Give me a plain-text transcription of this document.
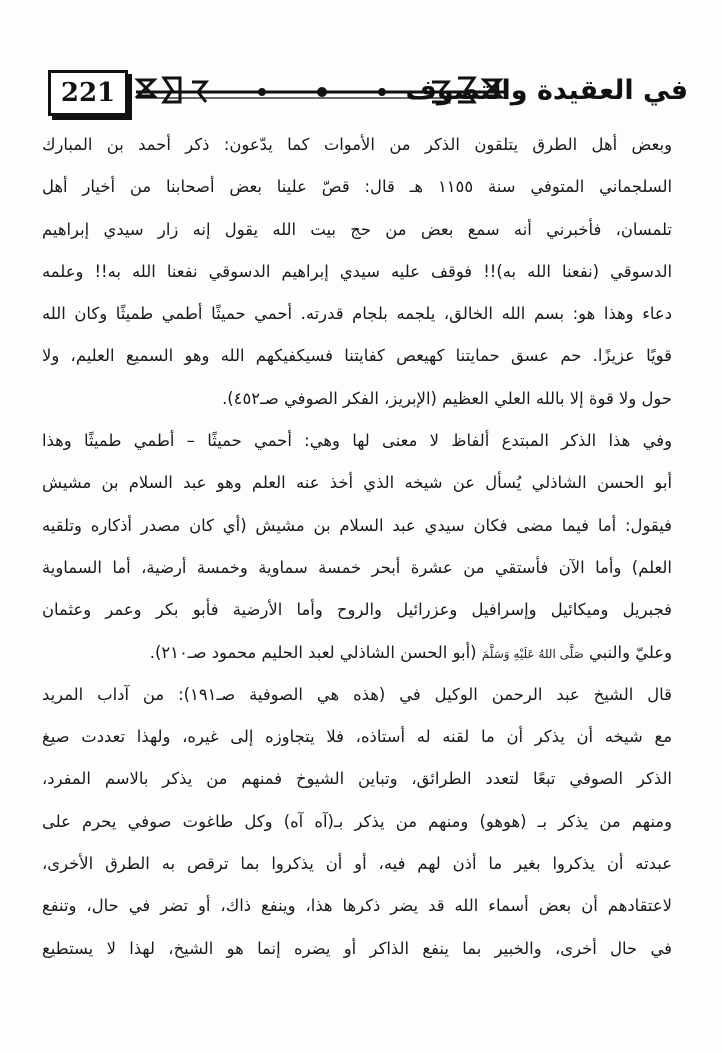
221	في العقيدة والتصوف
وبعض أهل الطرق يتلقون الذكر من الأموات كما يدّعون: ذكر أحمد بن المبارك
السلجماني المتوفي سنة ١١٥٥ هـ قال: قصّ علينا بعض أصحابنا من أخيار أهل
تلمسان، فأخبرني أنه سمع بعض من حج بيت الله يقول إنه زار سيدي إبراهيم
الدسوقي (نفعنا الله به)!! فوقف عليه سيدي إبراهيم الدسوقي نفعنا الله به!! وعلمه
دعاء وهذا هو: بسم الله الخالق، يلجمه بلجام قدرته. أحمي حميثًا أطمي طميثًا وكان الله
قويًا عزيزًا. حم عسق حمايتنا كهيعص كفايتنا فسيكفيكهم الله وهو السميع العليم، ولا
حول ولا قوة إلا بالله العلي العظيم (الإبريز، الفكر الصوفي صـ٤٥٢).
وفي هذا الذكر المبتدع ألفاظ لا معنى لها وهي: أحمي حميثًا – أطمي طميثًا وهذا
أبو الحسن الشاذلي يُسأل عن شيخه الذي أخذ عنه العلم وهو عبد السلام بن مشيش
فيقول: أما فيما مضى فكان سيدي عبد السلام بن مشيش (أي كان مصدر أذكاره وتلقيه
العلم) وأما الآن فأستقي من عشرة أبحر خمسة سماوية وخمسة أرضية، أما السماوية
فجبريل وميكائيل وإسرافيل وعزرائيل والروح وأما الأرضية فأبو بكر وعمر وعثمان
وعليّ والنبي صَلَّى اللهُ عَلَيْهِ وَسَلَّمَ (أبو الحسن الشاذلي لعبد الحليم محمود صـ٢١٠).
قال الشيخ عبد الرحمن الوكيل في (هذه هي الصوفية صـ١٩١): من آداب المريد
مع شيخه أن يذكر أن ما لقنه له أستاذه، فلا يتجاوزه إلى غيره، ولهذا تعددت صيغ
الذكر الصوفي تبعًا لتعدد الطرائق، وتباين الشيوخ فمنهم من يذكر بالاسم المفرد،
ومنهم من يذكر بـ (هوهو) ومنهم من يذكر بـ(آه آه) وكل طاغوت صوفي يحرم على
عبدته أن يذكروا بغير ما أذن لهم فيه، أو أن يذكروا بما ترقص به الطرق الأخرى،
لاعتقادهم أن بعض أسماء الله قد يضر ذكرها هذا، وينفع ذاك، أو تضر في حال، وتنفع
في حال أخرى، والخبير بما ينفع الذاكر أو يضره إنما هو الشيخ، لهذا لا يستطيع
